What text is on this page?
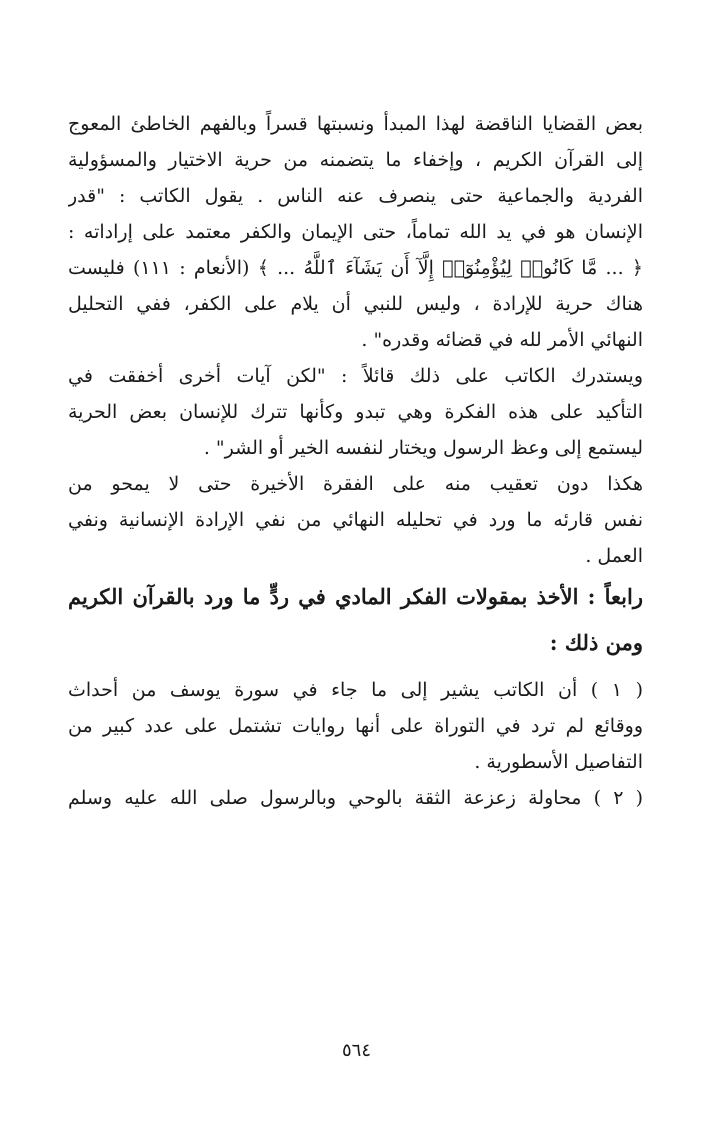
بعض القضايا الناقضة لهذا المبدأ ونسبتها قسراً وبالفهم الخاطئ المعوج
إلى القرآن الكريم ، وإخفاء ما يتضمنه من حرية الاختيار والمسؤولية
الفردية والجماعية حتى ينصرف عنه الناس . يقول الكاتب : "قدر
الإنسان هو في يد الله تماماً، حتى الإيمان والكفر معتمد على إراداته :
﴿ ... مَّا كَانُوا۟ لِيُؤْمِنُوٓا۟ إِلَّآ أَن يَشَآءَ ٱللَّهُ ... ﴾ (الأنعام : ١١١) فليست
هناك حرية للإرادة ، وليس للنبي أن يلام على الكفر، ففي التحليل
النهائي الأمر لله في قضائه وقدره" .
ويستدرك الكاتب على ذلك قائلاً : "لكن آيات أخرى أخفقت في
التأكيد على هذه الفكرة وهي تبدو وكأنها تترك للإنسان بعض الحرية
ليستمع إلى وعظ الرسول ويختار لنفسه الخير أو الشر" .
هكذا دون تعقيب منه على الفقرة الأخيرة حتى لا يمحو من
نفس قارئه ما ورد في تحليله النهائي من نفي الإرادة الإنسانية ونفي
العمل .
رابعاً : الأخذ بمقولات الفكر المادي في ردٍّ ما ورد بالقرآن الكريم
ومن ذلك :
( ١ ) أن الكاتب يشير إلى ما جاء في سورة يوسف من أحداث
ووقائع لم ترد في التوراة على أنها روايات تشتمل على عدد كبير من
التفاصيل الأسطورية .
( ٢ ) محاولة زعزعة الثقة بالوحي وبالرسول صلى الله عليه وسلم
٥٦٤
